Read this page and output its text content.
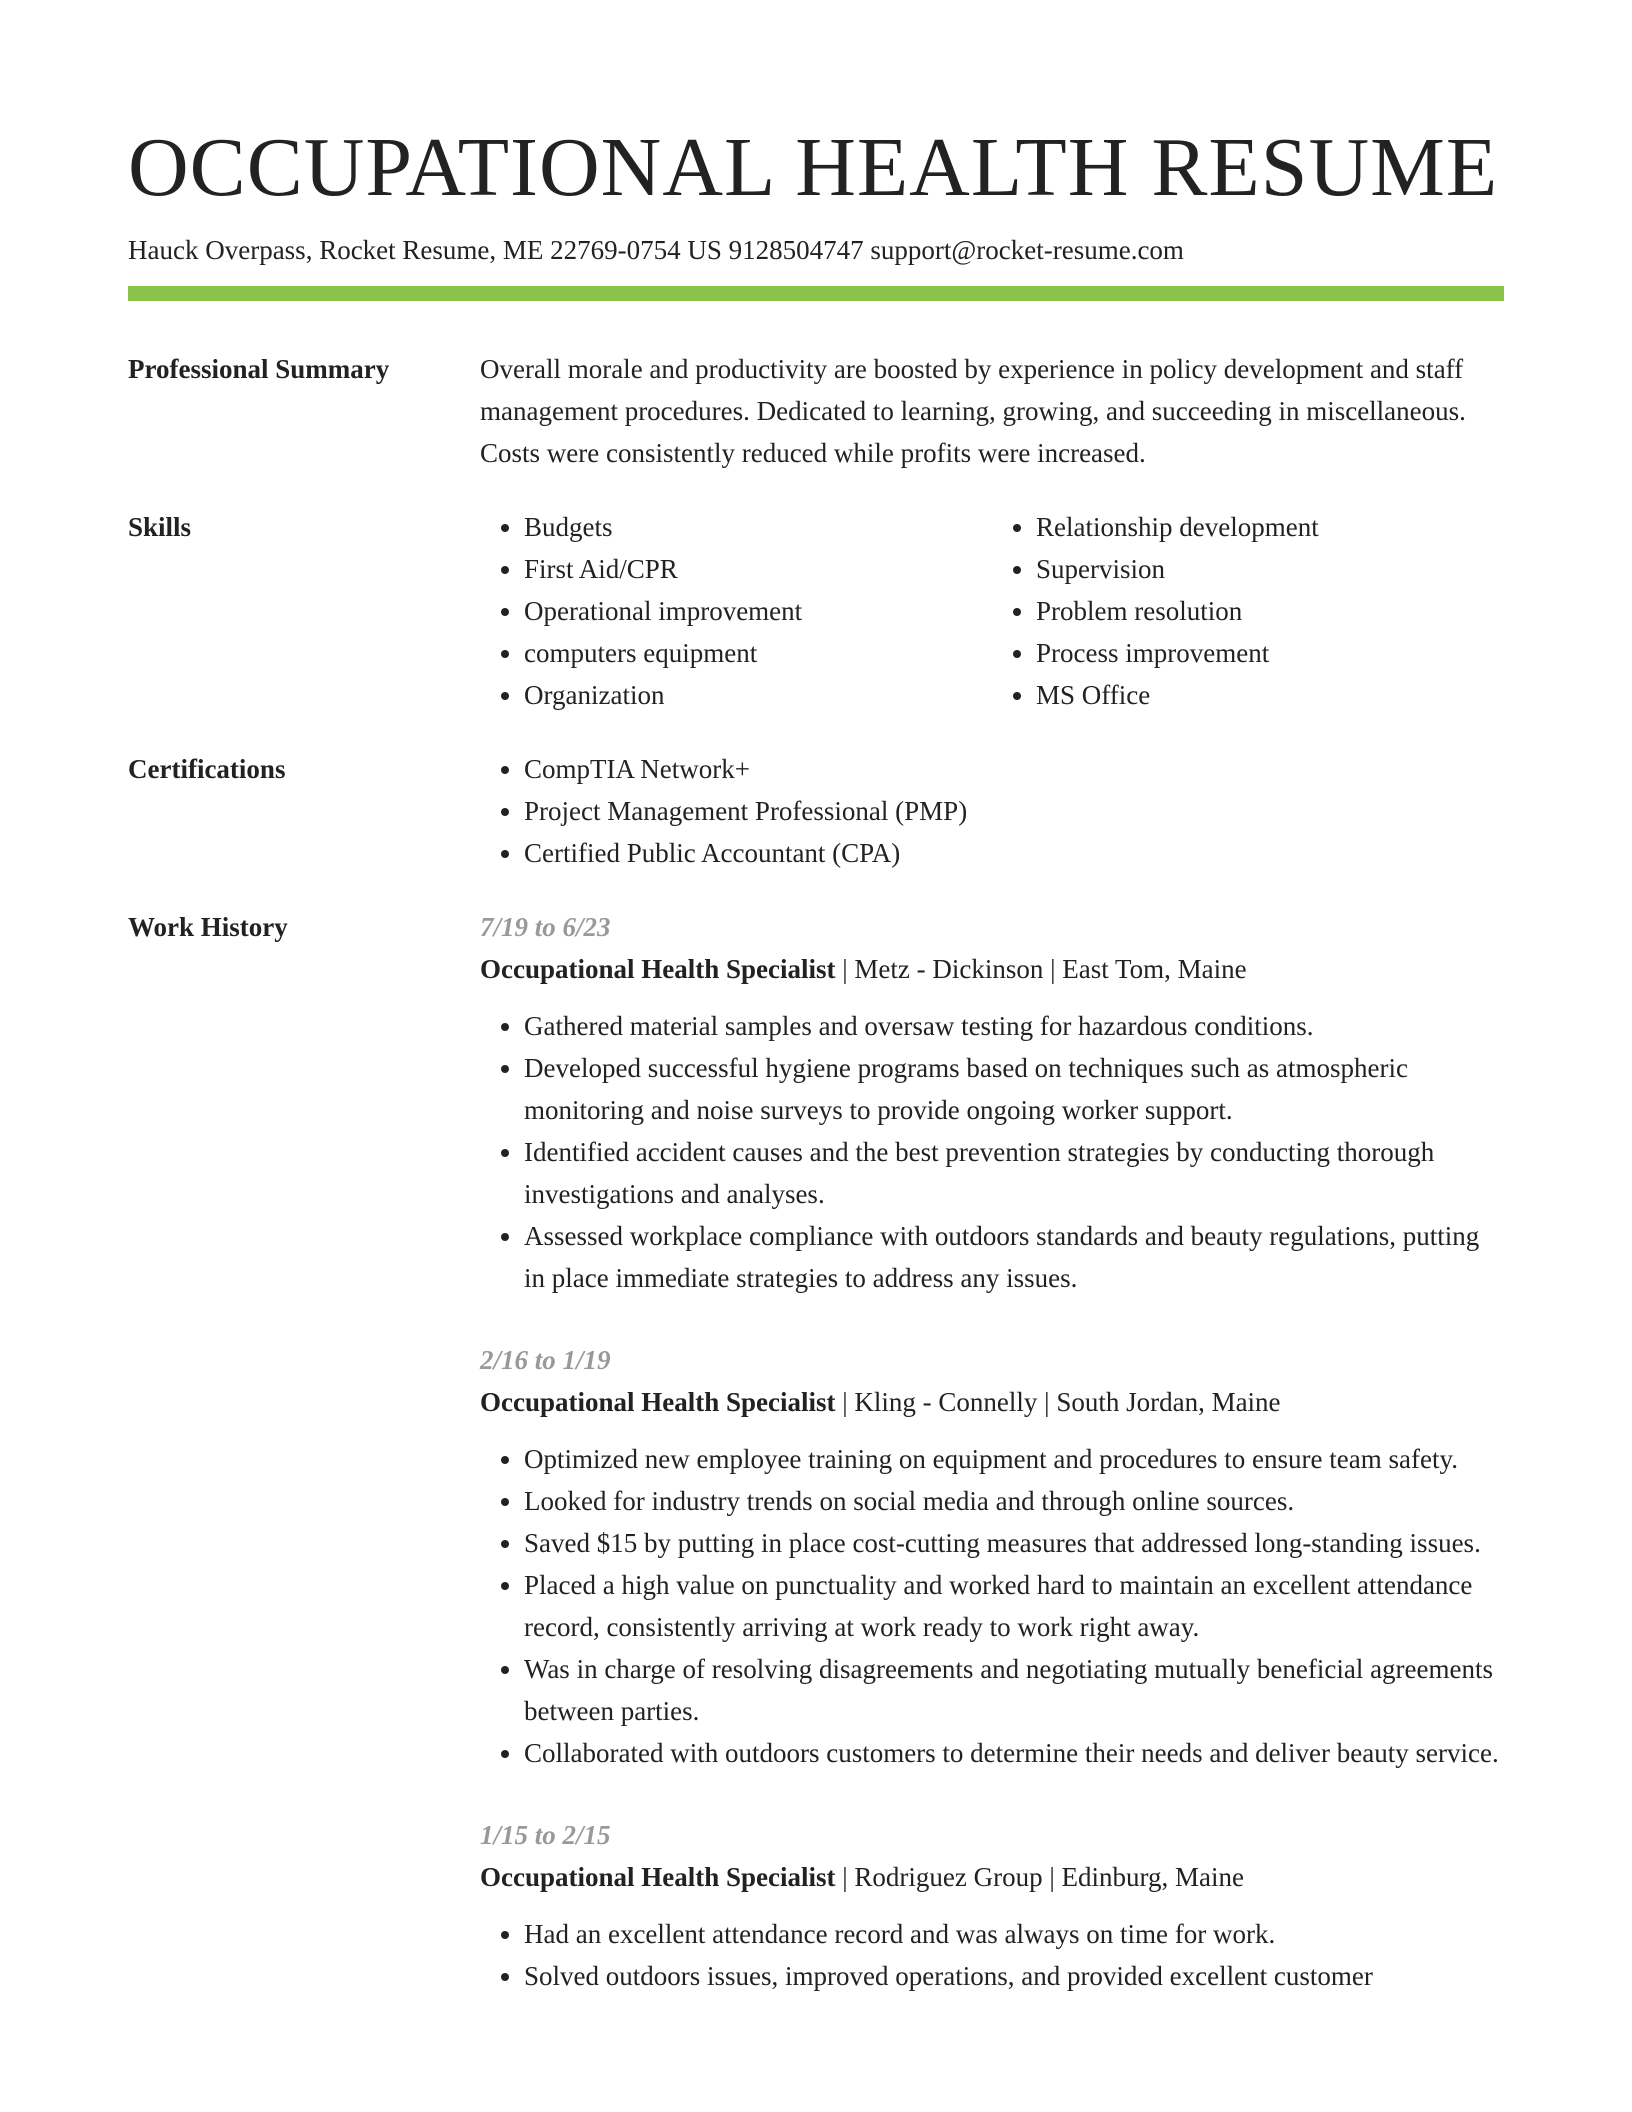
OCCUPATIONAL HEALTH RESUME
Hauck Overpass, Rocket Resume, ME 22769-0754 US 9128504747 support@rocket-resume.com
Professional Summary	Overall morale and productivity are boosted by experience in policy development and staff management procedures. Dedicated to learning, growing, and succeeding in miscellaneous. Costs were consistently reduced while profits were increased.
Skills	• Budgets
• First Aid/CPR
• Operational improvement
• computers equipment
• Organization
• Relationship development
• Supervision
• Problem resolution
• Process improvement
• MS Office
Certifications	• CompTIA Network+
• Project Management Professional (PMP)
• Certified Public Accountant (CPA)
Work History	7/19 to 6/23
Occupational Health Specialist | Metz - Dickinson | East Tom, Maine
• Gathered material samples and oversaw testing for hazardous conditions.
• Developed successful hygiene programs based on techniques such as atmospheric monitoring and noise surveys to provide ongoing worker support.
• Identified accident causes and the best prevention strategies by conducting thorough investigations and analyses.
• Assessed workplace compliance with outdoors standards and beauty regulations, putting in place immediate strategies to address any issues.
2/16 to 1/19
Occupational Health Specialist | Kling - Connelly | South Jordan, Maine
• Optimized new employee training on equipment and procedures to ensure team safety.
• Looked for industry trends on social media and through online sources.
• Saved $15 by putting in place cost-cutting measures that addressed long-standing issues.
• Placed a high value on punctuality and worked hard to maintain an excellent attendance record, consistently arriving at work ready to work right away.
• Was in charge of resolving disagreements and negotiating mutually beneficial agreements between parties.
• Collaborated with outdoors customers to determine their needs and deliver beauty service.
1/15 to 2/15
Occupational Health Specialist | Rodriguez Group | Edinburg, Maine
• Had an excellent attendance record and was always on time for work.
• Solved outdoors issues, improved operations, and provided excellent customer
